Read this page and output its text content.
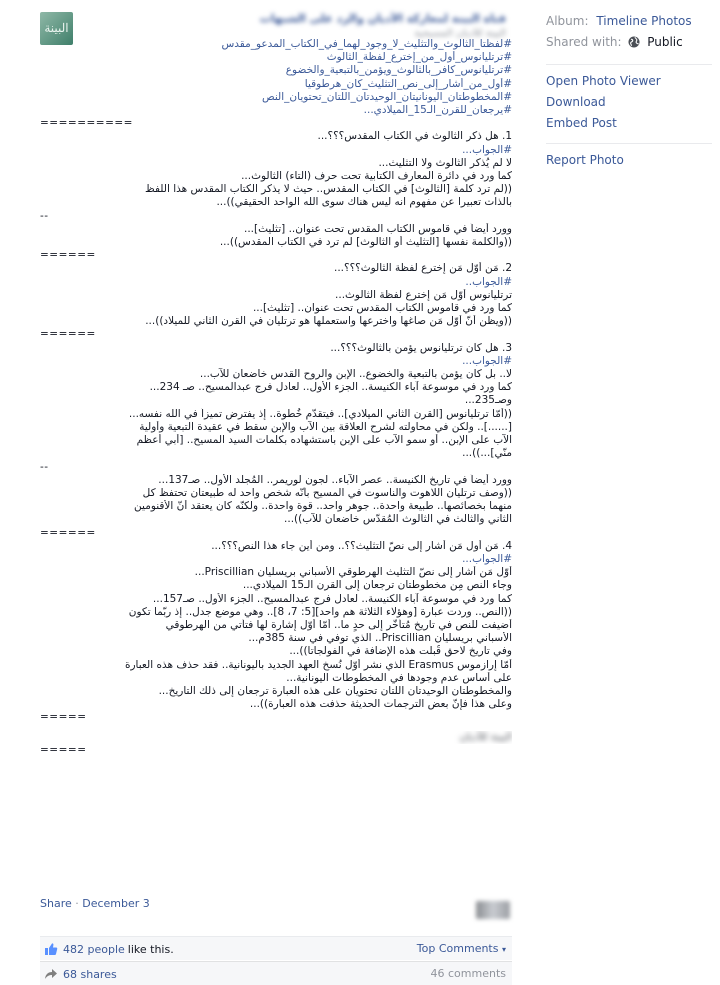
البينة
قناة البينة لمعاركة الأديان والرد على الشبهات
البينة للأديان المسيحية
#لفظتا_الثالوث_والتثليث_لا_وجود_لهما_في_الكتاب_المدعو_مقدس
#ترتليانوس_أول_من_إخترع_لفظة_الثالوث
#ترتليانوس_كافر_بالثالوث_ويؤمن_بالتبعية_والخضوع
#أول_من_أشار_إلى_نص_التثليث_كان_هرطوقيا
#المخطوطتان_اليونانيتان_الوحيدتان_اللتان_تحتويان_النص
#يرجعان_للقرن_الـ15_الميلادي...
==========
1. هل ذكر الثالوث في الكتاب المقدس؟؟؟...
#الجواب...
لا لم يُذكر الثالوث ولا التثليث...
كما ورد في دائرة المعارف الكتابية تحت حرف (التاء) الثالوث...
((لم ترد كلمة [الثالوث] في الكتاب المقدس.. حيث لا يذكر الكتاب المقدس هذا اللفظ
بالذات تعبيرا عن مفهوم انه ليس هناك سوى الله الواحد الحقيقي))...
--
وورد أيضاً في قاموس الكتاب المقدس تحت عنوان.. [تثليث]...
((والكلمة نفسها [التثليث أو الثالوث] لم ترد في الكتاب المقدس))...
======
2. مَن أوّل مَن إخترع لفظة الثالوث؟؟؟...
#الجواب..
ترتليانوس أوّل مَن إخترع لفظة الثالوث...
كما ورد في قاموس الكتاب المقدس تحت عنوان.. [تثليث]...
((ويظن أنّ أوّل مَن صاغها واخترعها واستعملها هو ترتليان في القرن الثاني للميلاد))...
======
3. هل كان ترتليانوس يؤمن بالثالوث؟؟؟...
#الجواب...
لا.. بل كان يؤمن بالتبعية والخضوع.. الإبن والروح القدس خاضعان للآب...
كما ورد في موسوعة آباء الكنيسة.. الجزء الأول.. لعادل فرج عبدالمسيح.. صـ 234...
وصـ235...
((أمّا ترتليانوس [القرن الثاني الميلادي].. فيتقدّم خُطوة.. إذ يفترض تميزاً في الله نفسه...
[......].. ولكن في محاولته لشرح العلاقة بين الآب والإبن سقط في عقيدة التبعية وأولية
الآب على الإبن.. أو سمو الآب على الإبن باستشهاده بكلمات السيد المسيح.. [أبي أعظم
منّي]...))...
--
وورد أيضاً في تاريخ الكنيسة.. عصر الآباء.. لجون لوريمر.. المُجلّد الأول.. صـ137...
((وصف ترتليان اللاهوت والناسوت في المسيح بأنّه شخص واحد له طبيعتان تحتفظ كل
منهما بخصائصها.. طبيعة واحدة.. جوهر واحد.. قوة واحدة.. ولكنّه كان يعتقد أنّ الأقنومين
الثاني والثالث في الثالوث المُقدّس خاضعان للآب))...
======
4. مَن أول مَن أشار إلى نصّ التثليث؟؟.. ومن أين جاء هذا النص؟؟؟...
#الجواب...
أوّل مَن أشار إلى نصّ التثليث الهرطوقي الأسباني بريسليان Priscillian...
وجاء النص مِن مخطوطتان ترجعان إلى القرن الـ15 الميلادي...
كما ورد في موسوعة آباء الكنيسة.. لعادل فرج عبدالمسيح.. الجزء الأول.. صـ157...
((النص.. وردت عبارة [وهؤلاء الثلاثة هم واحد][5: 7، 8].. وهي موضع جدل.. إذ ربّما تكون
أُضيفت للنص في تاريخ مُتأخّر إلى حدٍ ما.. أمّا أوّل إشارة لها فتأتي من الهرطوقي
الأسباني بريسليان Priscillian.. الذي توفي في سنة 385م...
وفي تاريخ لاحق قُبلت هذه الإضافة في الفولجاتا))...
أمّا إرازموس Erasmus الذي نشر أوّل نُسخ العهد الجديد باليونانية.. فقد حذف هذه العبارة
على أساس عدم وجودها في المخطوطات اليونانية...
والمخطوطتان الوحيدتان اللتان تحتويان على هذه العبارة ترجعان إلى ذلك التاريخ...
وعلى هذا فإنّ بعض الترجمات الحديثة حذفت هذه العبارة))...
=====
البينة للأديان
=====
Share · December 3
482 people like this.	Top Comments ▾
68 shares	46 comments
Album: Timeline Photos
Shared with: Public
Open Photo Viewer
Download
Embed Post
Report Photo
